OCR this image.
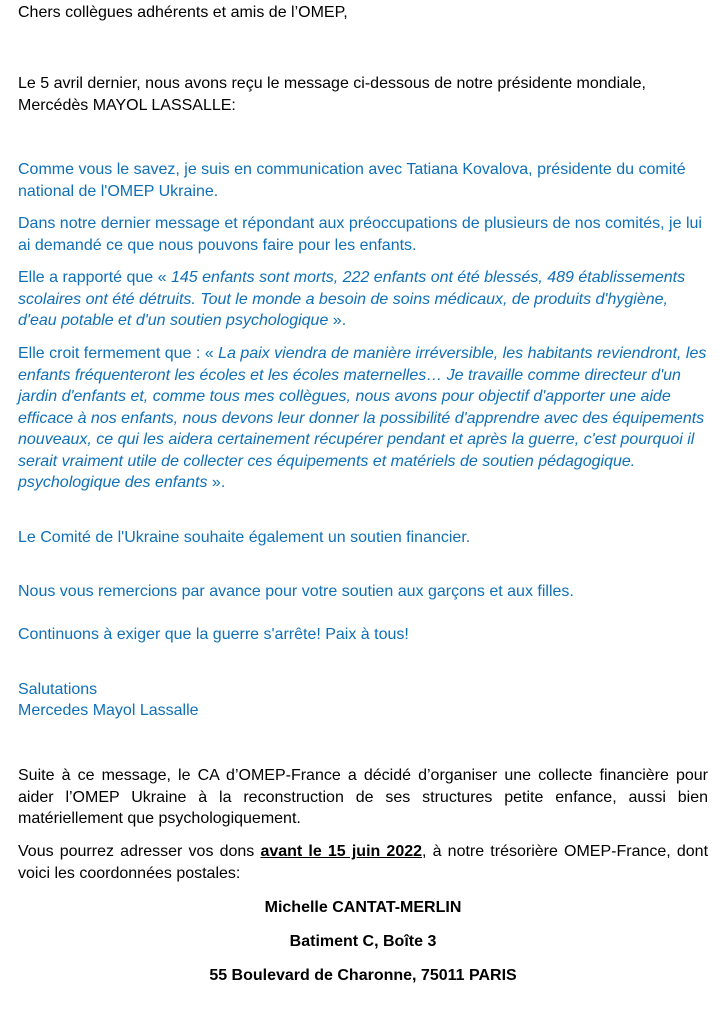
Chers collègues adhérents et amis de l’OMEP,

Le 5 avril dernier, nous avons reçu le message ci-dessous de notre présidente mondiale, Mercédès MAYOL LASSALLE:

Comme vous le savez, je suis en communication avec Tatiana Kovalova, présidente du comité national de l'OMEP Ukraine.

Dans notre dernier message et répondant aux préoccupations de plusieurs de nos comités, je lui ai demandé ce que nous pouvons faire pour les enfants.

Elle a rapporté que « 145 enfants sont morts, 222 enfants ont été blessés, 489 établissements scolaires ont été détruits. Tout le monde a besoin de soins médicaux, de produits d'hygiène, d'eau potable et d'un soutien psychologique ».

Elle croit fermement que : « La paix viendra de manière irréversible, les habitants reviendront, les enfants fréquenteront les écoles et les écoles maternelles… Je travaille comme directeur d'un jardin d'enfants et, comme tous mes collègues, nous avons pour objectif d'apporter une aide efficace à nos enfants, nous devons leur donner la possibilité d'apprendre avec des équipements nouveaux, ce qui les aidera certainement récupérer pendant et après la guerre, c'est pourquoi il serait vraiment utile de collecter ces équipements et matériels de soutien pédagogique. psychologique des enfants ».

Le Comité de l'Ukraine souhaite également un soutien financier.

Nous vous remercions par avance pour votre soutien aux garçons et aux filles.

Continuons à exiger que la guerre s'arrête! Paix à tous!

Salutations

Mercedes Mayol Lassalle

Suite à ce message, le CA d’OMEP-France a décidé d’organiser une collecte financière pour aider l’OMEP Ukraine à la reconstruction de ses structures petite enfance, aussi bien matériellement que psychologiquement.

Vous pourrez adresser vos dons avant le 15 juin 2022, à notre trésorière OMEP-France, dont voici les coordonnées postales:

Michelle CANTAT-MERLIN

Batiment C, Boîte 3

55 Boulevard de Charonne, 75011 PARIS
